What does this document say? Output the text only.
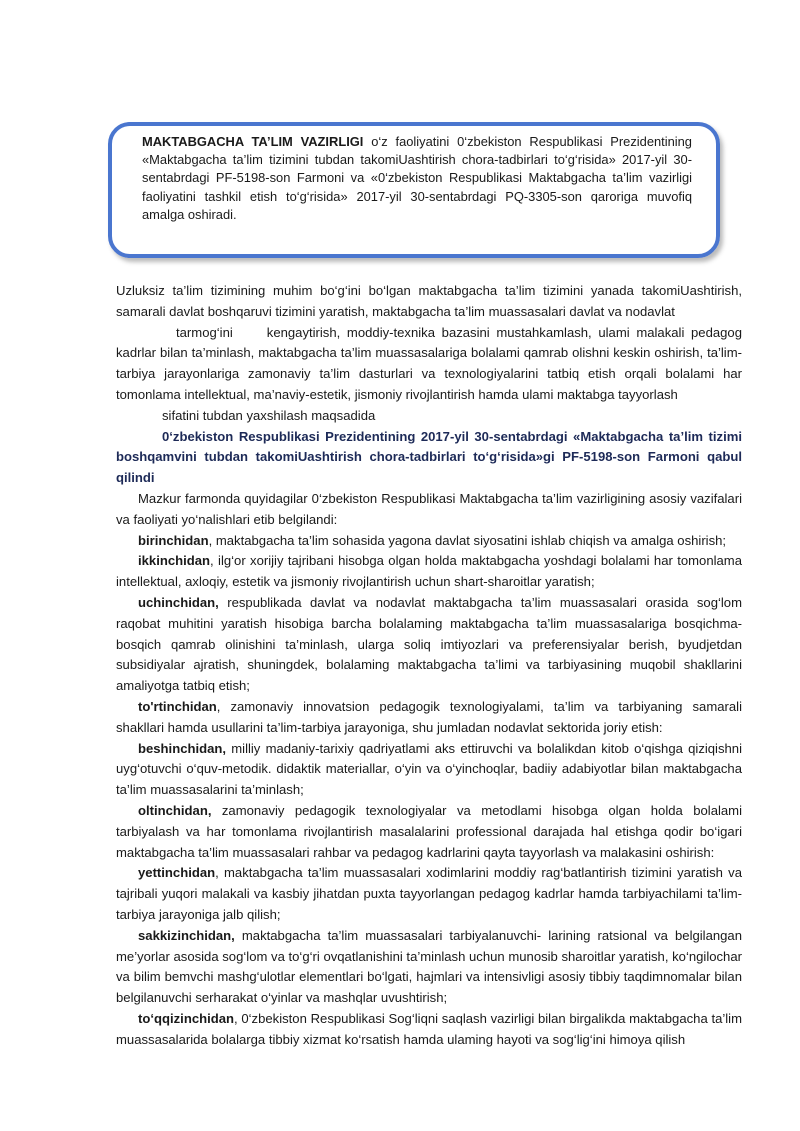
MAKTABGACHA TA’LIM VAZIRLIGI o‘z faoliyatini 0‘zbekiston Respublikasi Prezidentining «Maktabgacha ta’lim tizimini tubdan takomiUashtirish chora-tadbirlari to‘g‘risida» 2017-yil 30-sentabrdagi PF-5198-son Farmoni va «0‘zbekiston Respublikasi Maktabgacha ta’lim vazirligi faoliyatini tashkil etish to‘g‘risida» 2017-yil 30-sentabrdagi PQ-3305-son qaroriga muvofiq amalga oshiradi.

Uzluksiz ta’lim tizimining muhim bo‘g‘ini bo‘lgan maktabgacha ta’lim tizimini yanada takomiUashtirish, samarali davlat boshqaruvi tizimini yaratish, maktabgacha ta’lim muassasalari davlat va nodavlat
tarmog‘ini	kengaytirish, moddiy-texnika bazasini mustahkamlash, ulami malakali pedagog kadrlar bilan ta’minlash, maktabgacha ta’lim muassasalariga bolalami qamrab olishni keskin oshirish, ta’lim-tarbiya jarayonlariga zamonaviy ta’lim dasturlari va texnologiyalarini tatbiq etish orqali bolalami har tomonlama intellektual, ma’naviy-estetik, jismoniy rivojlantirish hamda ulami maktabga tayyorlash

sifatini tubdan yaxshilash maqsadida

0‘zbekiston Respublikasi Prezidentining 2017-yil 30-sentabrdagi «Maktabgacha ta’lim tizimi boshqamvini tubdan takomiUashtirish chora-tadbirlari to‘g‘risida»gi PF-5198-son Farmoni qabul qilindi

Mazkur farmonda quyidagilar 0‘zbekiston Respublikasi Maktabgacha ta’lim vazirligining asosiy vazifalari va faoliyati yo‘nalishlari etib belgilandi:

birinchidan, maktabgacha ta’lim sohasida yagona davlat siyosatini ishlab chiqish va amalga oshirish;

ikkinchidan, ilg‘or xorijiy tajribani hisobga olgan holda maktabgacha yoshdagi bolalami har tomonlama intellektual, axloqiy, estetik va jismoniy rivojlantirish uchun shart-sharoitlar yaratish;

uchinchidan, respublikada davlat va nodavlat maktabgacha ta’lim muassasalari orasida sog‘lom raqobat muhitini yaratish hisobiga barcha bolalaming maktabgacha ta’lim muassasalariga bosqichma-bosqich qamrab olinishini ta’minlash, ularga soliq imtiyozlari va preferensiyalar berish, byudjetdan subsidiyalar ajratish, shuningdek, bolalaming maktabgacha ta’limi va tarbiyasining muqobil shakllarini amaliyotga tatbiq etish;

to'rtinchidan, zamonaviy innovatsion pedagogik texnologiyalami, ta’lim va tarbiyaning samarali shakllari hamda usullarini ta’lim-tarbiya jarayoniga, shu jumladan nodavlat sektorida joriy etish:

beshinchidan, milliy madaniy-tarixiy qadriyatlami aks ettiruvchi va bolalikdan kitob o‘qishga qiziqishni uyg‘otuvchi o‘quv-metodik. didaktik materiallar, o‘yin va o‘yinchoqlar, badiiy adabiyotlar bilan maktabgacha ta’lim muassasalarini ta’minlash;

oltinchidan, zamonaviy pedagogik texnologiyalar va metodlami hisobga olgan holda bolalami tarbiyalash va har tomonlama rivojlantirish masalalarini professional darajada hal etishga qodir bo‘igari maktabgacha ta’lim muassasalari rahbar va pedagog kadrlarini qayta tayyorlash va malakasini oshirish:

yettinchidan, maktabgacha ta’lim muassasalari xodimlarini moddiy rag‘batlantirish tizimini yaratish va tajribali yuqori malakali va kasbiy jihatdan puxta tayyorlangan pedagog kadrlar hamda tarbiyachilami ta’lim-tarbiya jarayoniga jalb qilish;

sakkizinchidan, maktabgacha ta’lim muassasalari tarbiyalanuvchi- larining ratsional va belgilangan me’yorlar asosida sog‘lom va to‘g‘ri ovqatlanishini ta’minlash uchun munosib sharoitlar yaratish, ko‘ngilochar va bilim bemvchi mashg‘ulotlar elementlari bo‘lgati, hajmlari va intensivligi asosiy tibbiy taqdimnomalar bilan belgilanuvchi serharakat o‘yinlar va mashqlar uvushtirish;

to‘qqizinchidan, 0‘zbekiston Respublikasi Sog‘liqni saqlash vazirligi bilan birgalikda maktabgacha ta’lim muassasalarida bolalarga tibbiy xizmat ko‘rsatish hamda ulaming hayoti va sog‘lig‘ini himoya qilish
